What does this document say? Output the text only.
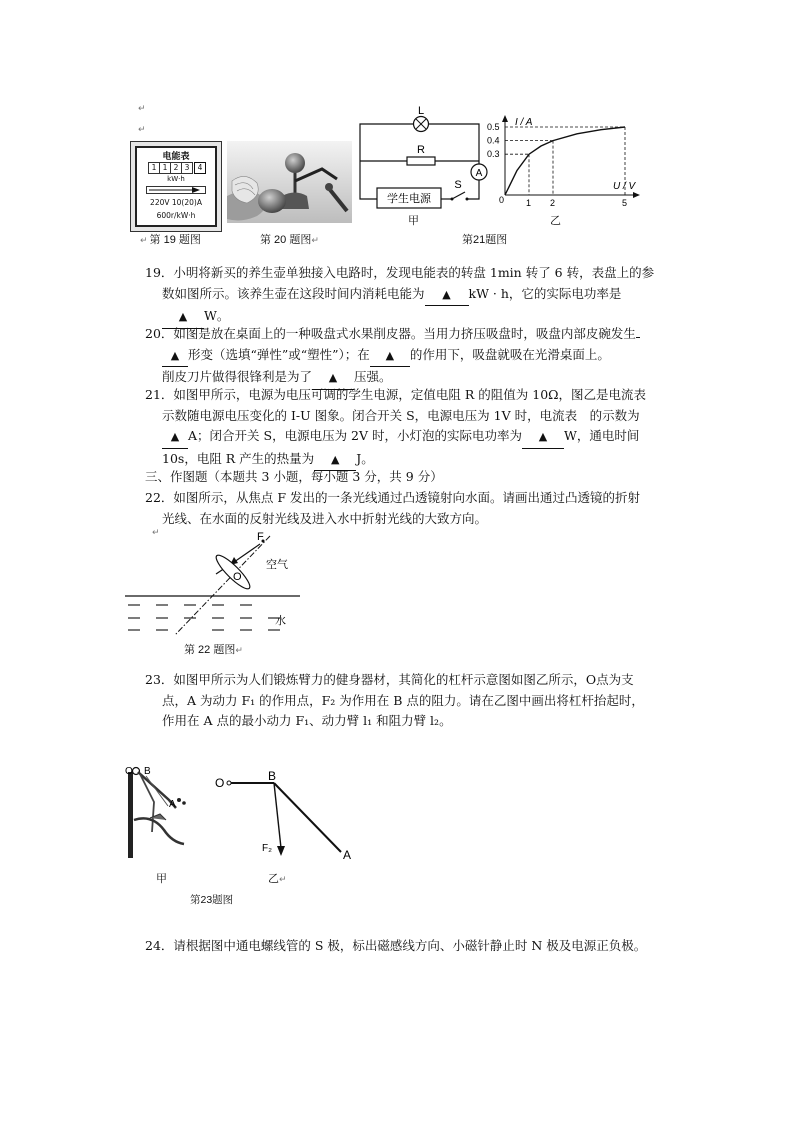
↵
↵
电能表
1 1 2 3	4
kW·h
220V 10(20)A
600r/kW·h
↵ 第 19 题图	第 20 题图↵
L
R
A
学生电源
S
甲
I / A
U / V
0
0.5
0.4
0.3
1 2	5
乙
第21题图

19．小明将新买的养生壶单独接入电路时，发现电能表的转盘 1min 转了 6 转，表盘上的参

数如图所示。该养生壶在这段时间内消耗电能为 ▲ kW · h，它的实际电功率是

▲ W。

20．如图是放在桌面上的一种吸盘式水果削皮器。当用力挤压吸盘时，吸盘内部皮碗发生

▲ 形变（选填“弹性”或“塑性”）；在 ▲ 的作用下，吸盘就吸在光滑桌面上。

削皮刀片做得很锋利是为了 ▲ 压强。

21．如图甲所示，电源为电压可调的学生电源，定值电阻 R 的阻值为 10Ω，图乙是电流表

示数随电源电压变化的 I-U 图象。闭合开关 S，电源电压为 1V 时，电流表　的示数为

▲ A；闭合开关 S，电源电压为 2V 时，小灯泡的实际电功率为 ▲ W，通电时间

10s，电阻 R 产生的热量为 ▲ J。

三、作图题（本题共 3 小题，每小题 3 分，共 9 分）

22．如图所示，从焦点 F 发出的一条光线通过凸透镜射向水面。请画出通过凸透镜的折射

光线、在水面的反射光线及进入水中折射光线的大致方向。

↵	F
O
空气
水
第 22 题图↵

23．如图甲所示为人们锻炼臂力的健身器材，其简化的杠杆示意图如图乙所示，O点为支

点，A 为动力 F₁ 的作用点，F₂ 为作用在 B 点的阻力。请在乙图中画出将杠杆抬起时，

作用在 A 点的最小动力 F₁、动力臂 l₁ 和阻力臂 l₂。

O B
A
甲
O	B
A
F₂
乙↵
第23题图
24．请根据图中通电螺线管的 S 极，标出磁感线方向、小磁针静止时 N 极及电源正负极。
